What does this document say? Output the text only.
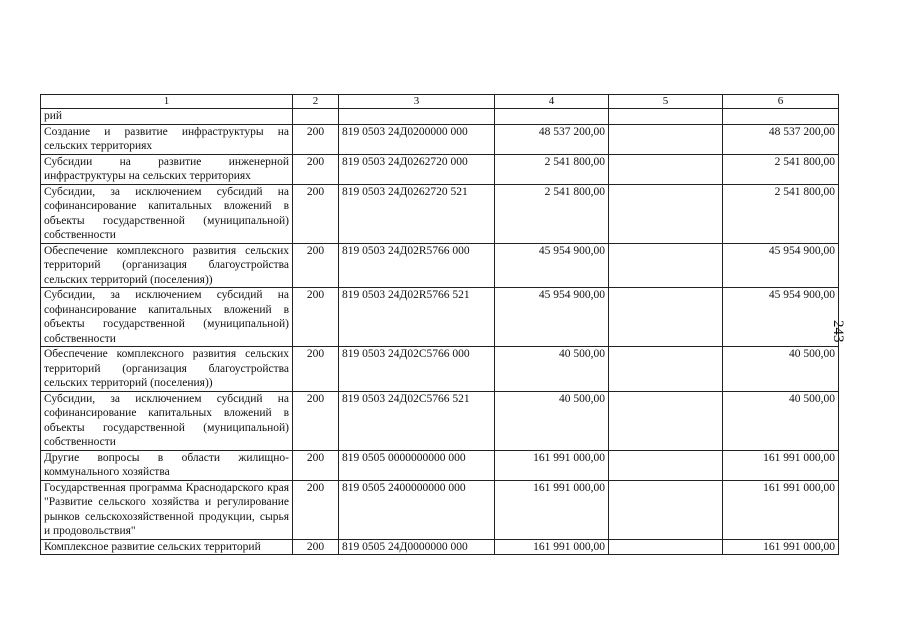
1	2	3	4	5	6
рий					
Создание и развитие инфраструктуры на сельских территориях	200	819 0503 24Д0200000 000	48 537 200,00		48 537 200,00
Субсидии на развитие инженерной инфраструктуры на сельских территориях	200	819 0503 24Д0262720 000	2 541 800,00		2 541 800,00
Субсидии, за исключением субсидий на софинансирование капитальных вложений в объекты государственной (муниципальной) собственности	200	819 0503 24Д0262720 521	2 541 800,00		2 541 800,00
Обеспечение комплексного развития сельских территорий (организация благоустройства сельских территорий (поселения))	200	819 0503 24Д02R5766 000	45 954 900,00		45 954 900,00
Субсидии, за исключением субсидий на софинансирование капитальных вложений в объекты государственной (муниципальной) собственности	200	819 0503 24Д02R5766 521	45 954 900,00		45 954 900,00
Обеспечение комплексного развития сельских территорий (организация благоустройства сельских территорий (поселения))	200	819 0503 24Д02С5766 000	40 500,00		40 500,00
Субсидии, за исключением субсидий на софинансирование капитальных вложений в объекты государственной (муниципальной) собственности	200	819 0503 24Д02С5766 521	40 500,00		40 500,00
Другие вопросы в области жилищно-коммунального хозяйства	200	819 0505 0000000000 000	161 991 000,00		161 991 000,00
Государственная программа Краснодарского края "Развитие сельского хозяйства и регулирование рынков сельскохозяйственной продукции, сырья и продовольствия"	200	819 0505 2400000000 000	161 991 000,00		161 991 000,00
Комплексное развитие сельских территорий	200	819 0505 24Д0000000 000	161 991 000,00		161 991 000,00
243
